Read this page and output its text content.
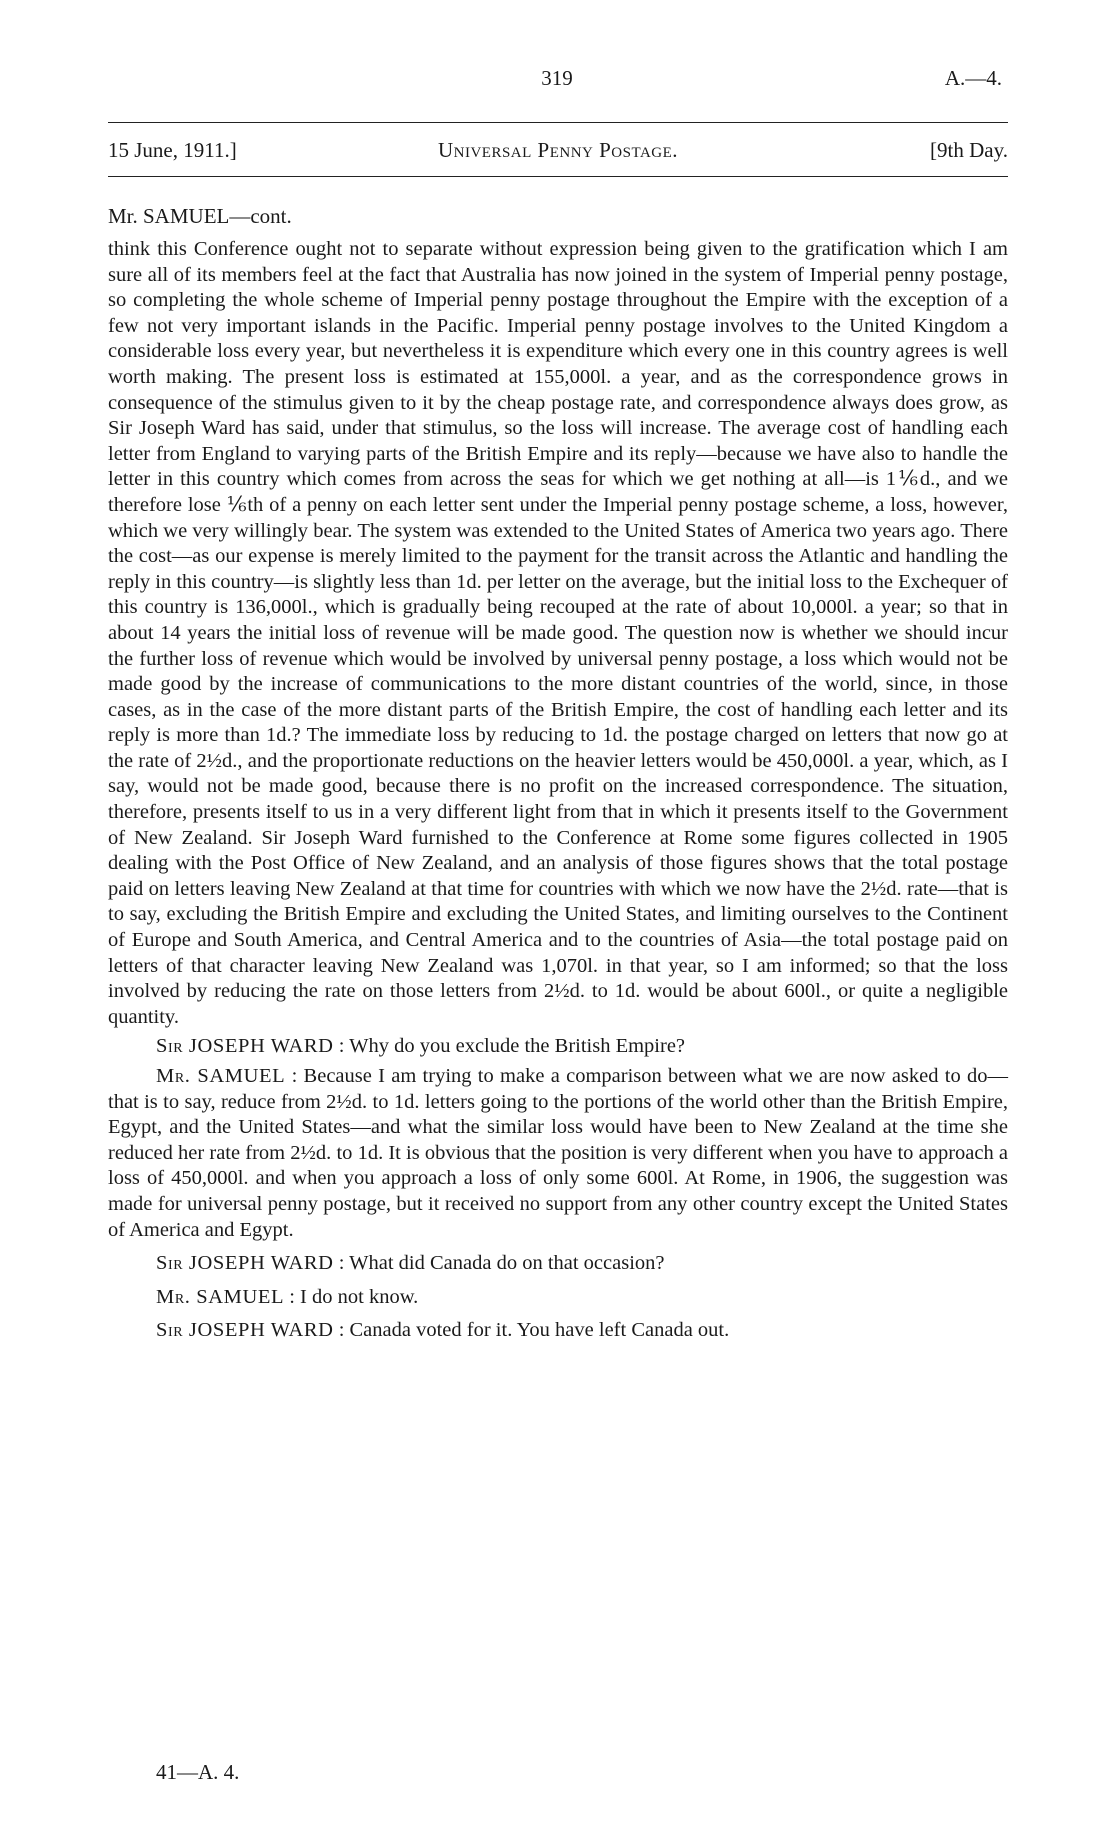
319	A.—4.
15 June, 1911.]	Universal Penny Postage.	[9th Day.
Mr. SAMUEL—cont.

think this Conference ought not to separate without expression being given to the gratification which I am sure all of its members feel at the fact that Australia has now joined in the system of Imperial penny postage, so completing the whole scheme of Imperial penny postage throughout the Empire with the exception of a few not very important islands in the Pacific. Imperial penny postage involves to the United Kingdom a considerable loss every year, but nevertheless it is expenditure which every one in this country agrees is well worth making. The present loss is estimated at 155,000l. a year, and as the correspondence grows in consequence of the stimulus given to it by the cheap postage rate, and correspondence always does grow, as Sir Joseph Ward has said, under that stimulus, so the loss will increase. The average cost of handling each letter from England to varying parts of the British Empire and its reply—because we have also to handle the letter in this country which comes from across the seas for which we get nothing at all—is 1⅙d., and we therefore lose ⅙th of a penny on each letter sent under the Imperial penny postage scheme, a loss, however, which we very willingly bear. The system was extended to the United States of America two years ago. There the cost—as our expense is merely limited to the payment for the transit across the Atlantic and handling the reply in this country—is slightly less than 1d. per letter on the average, but the initial loss to the Exchequer of this country is 136,000l., which is gradually being recouped at the rate of about 10,000l. a year; so that in about 14 years the initial loss of revenue will be made good. The question now is whether we should incur the further loss of revenue which would be involved by universal penny postage, a loss which would not be made good by the increase of communications to the more distant countries of the world, since, in those cases, as in the case of the more distant parts of the British Empire, the cost of handling each letter and its reply is more than 1d.? The immediate loss by reducing to 1d. the postage charged on letters that now go at the rate of 2½d., and the proportionate reductions on the heavier letters would be 450,000l. a year, which, as I say, would not be made good, because there is no profit on the increased correspondence. The situation, therefore, presents itself to us in a very different light from that in which it presents itself to the Government of New Zealand. Sir Joseph Ward furnished to the Conference at Rome some figures collected in 1905 dealing with the Post Office of New Zealand, and an analysis of those figures shows that the total postage paid on letters leaving New Zealand at that time for countries with which we now have the 2½d. rate—that is to say, excluding the British Empire and excluding the United States, and limiting ourselves to the Continent of Europe and South America, and Central America and to the countries of Asia—the total postage paid on letters of that character leaving New Zealand was 1,070l. in that year, so I am informed; so that the loss involved by reducing the rate on those letters from 2½d. to 1d. would be about 600l., or quite a negligible quantity.

Sir JOSEPH WARD : Why do you exclude the British Empire?

Mr. SAMUEL : Because I am trying to make a comparison between what we are now asked to do—that is to say, reduce from 2½d. to 1d. letters going to the portions of the world other than the British Empire, Egypt, and the United States—and what the similar loss would have been to New Zealand at the time she reduced her rate from 2½d. to 1d. It is obvious that the position is very different when you have to approach a loss of 450,000l. and when you approach a loss of only some 600l. At Rome, in 1906, the suggestion was made for universal penny postage, but it received no support from any other country except the United States of America and Egypt.

Sir JOSEPH WARD : What did Canada do on that occasion?

Mr. SAMUEL : I do not know.

Sir JOSEPH WARD : Canada voted for it. You have left Canada out.

41—A. 4.
